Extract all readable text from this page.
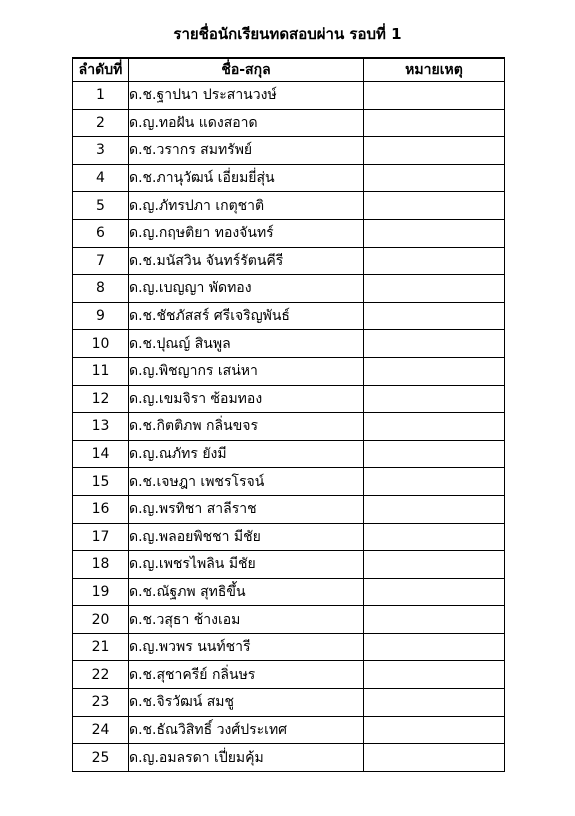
รายชื่อนักเรียนทดสอบผ่าน รอบที่ 1
ลำดับที่	ชื่อ-สกุล	หมายเหตุ
1	ด.ช.ฐาปนา ประสานวงษ์	
2	ด.ญ.ทอฝัน แดงสอาด	
3	ด.ช.วรากร สมทรัพย์	
4	ด.ช.ภานุวัฒน์ เอี่ยมยี่สุ่น	
5	ด.ญ.ภัทรปภา เกตุชาติ	
6	ด.ญ.กฤษติยา ทองจันทร์	
7	ด.ช.มนัสวิน จันทร์รัตนคีรี	
8	ด.ญ.เบญญา พัดทอง	
9	ด.ช.ชัชภัสสร์ ศรีเจริญพันธ์	
10	ด.ช.ปุณญ์ สินพูล	
11	ด.ญ.พิชญากร เสน่หา	
12	ด.ญ.เขมจิรา ซ้อมทอง	
13	ด.ช.กิตติภพ กลิ่นขจร	
14	ด.ญ.ณภัทร ยังมี	
15	ด.ช.เจษฎา เพชรโรจน์	
16	ด.ญ.พรทิชา สาลีราช	
17	ด.ญ.พลอยพิชชา มีชัย	
18	ด.ญ.เพชรไพลิน มีชัย	
19	ด.ช.ณัฐภพ สุทธิขึ้น	
20	ด.ช.วสุธา ช้างเอม	
21	ด.ญ.พวพร นนท์ชารี	
22	ด.ช.สุชาครีย์ กลิ่นษร	
23	ด.ช.จิรวัฒน์ สมชู	
24	ด.ช.ธัณวิสิทธิ์ วงศ์ประเทศ	
25	ด.ญ.อมลรดา เปี่ยมคุ้ม	
